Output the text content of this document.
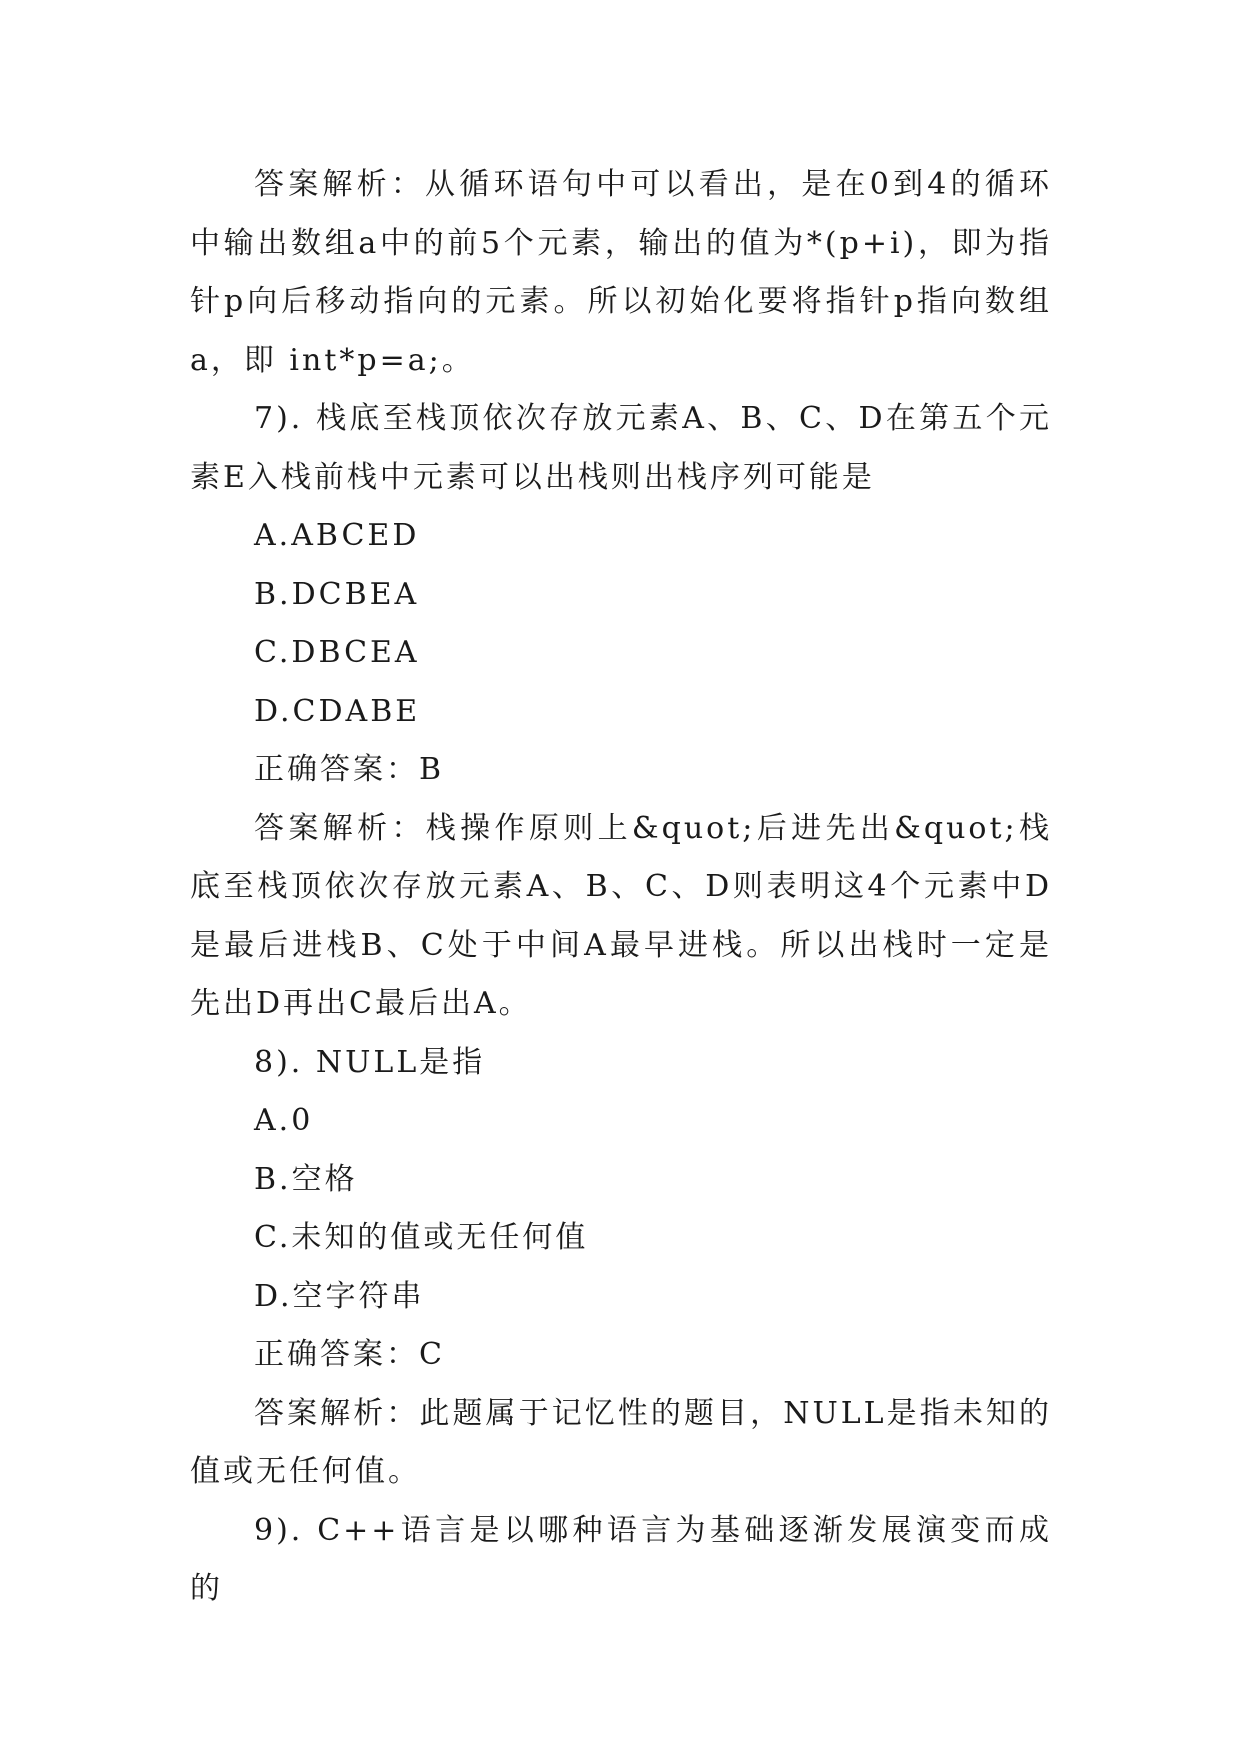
答案解析：从循环语句中可以看出，是在0到4的循环中输出数组a中的前5个元素，输出的值为*(p+i)，即为指针p向后移动指向的元素。所以初始化要将指针p指向数组a，即 int*p=a;。

7). 栈底至栈顶依次存放元素A、B、C、D在第五个元素E入栈前栈中元素可以出栈则出栈序列可能是

A.ABCED

B.DCBEA

C.DBCEA

D.CDABE

正确答案：B

答案解析：栈操作原则上&quot;后进先出&quot;栈底至栈顶依次存放元素A、B、C、D则表明这4个元素中D是最后进栈B、C处于中间A最早进栈。所以出栈时一定是先出D再出C最后出A。

8). NULL是指

A.0

B.空格

C.未知的值或无任何值

D.空字符串

正确答案：C

答案解析：此题属于记忆性的题目，NULL是指未知的值或无任何值。

9). C++语言是以哪种语言为基础逐渐发展演变而成的
